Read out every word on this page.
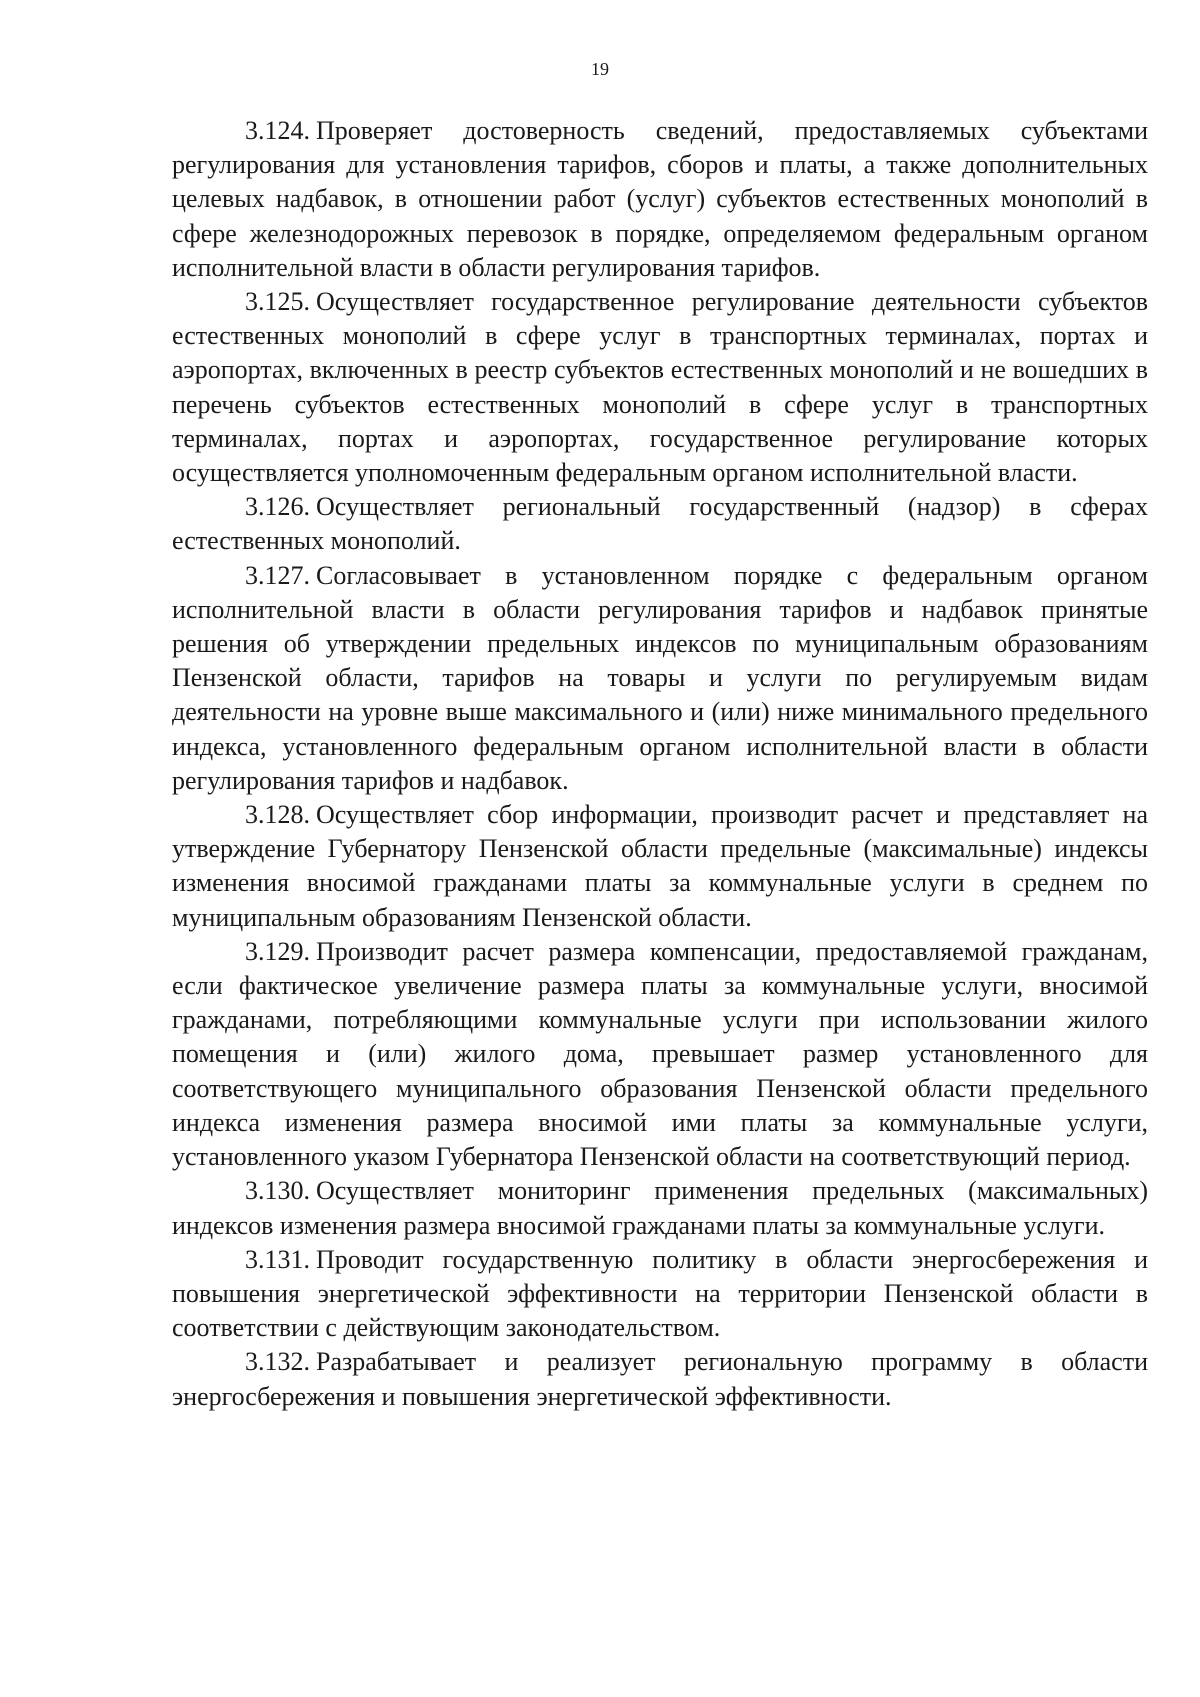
19

3.124. Проверяет достоверность сведений, предоставляемых субъектами регулирования для установления тарифов, сборов и платы, а также дополнительных целевых надбавок, в отношении работ (услуг) субъектов естественных монополий в сфере железнодорожных перевозок в порядке, определяемом федеральным органом исполнительной власти в области регулирования тарифов.

3.125. Осуществляет государственное регулирование деятельности субъектов естественных монополий в сфере услуг в транспортных терминалах, портах и аэропортах, включенных в реестр субъектов естественных монополий и не вошедших в перечень субъектов естественных монополий в сфере услуг в транспортных терминалах, портах и аэропортах, государственное регулирование которых осуществляется уполномоченным федеральным органом исполнительной власти.

3.126. Осуществляет региональный государственный (надзор) в сферах естественных монополий.

3.127. Согласовывает в установленном порядке с федеральным органом исполнительной власти в области регулирования тарифов и надбавок принятые решения об утверждении предельных индексов по муниципальным образованиям Пензенской области, тарифов на товары и услуги по регулируемым видам деятельности на уровне выше максимального и (или) ниже минимального предельного индекса, установленного федеральным органом исполнительной власти в области регулирования тарифов и надбавок.

3.128. Осуществляет сбор информации, производит расчет и представляет на утверждение Губернатору Пензенской области предельные (максимальные) индексы изменения вносимой гражданами платы за коммунальные услуги в среднем по муниципальным образованиям Пензенской области.

3.129. Производит расчет размера компенсации, предоставляемой гражданам, если фактическое увеличение размера платы за коммунальные услуги, вносимой гражданами, потребляющими коммунальные услуги при использовании жилого помещения и (или) жилого дома, превышает размер установленного для соответствующего муниципального образования Пензенской области предельного индекса изменения размера вносимой ими платы за коммунальные услуги, установленного указом Губернатора Пензенской области на соответствующий период.

3.130. Осуществляет мониторинг применения предельных (максимальных) индексов изменения размера вносимой гражданами платы за коммунальные услуги.

3.131. Проводит государственную политику в области энергосбережения и повышения энергетической эффективности на территории Пензенской области в соответствии с действующим законодательством.

3.132. Разрабатывает и реализует региональную программу в области энергосбережения и повышения энергетической эффективности.
